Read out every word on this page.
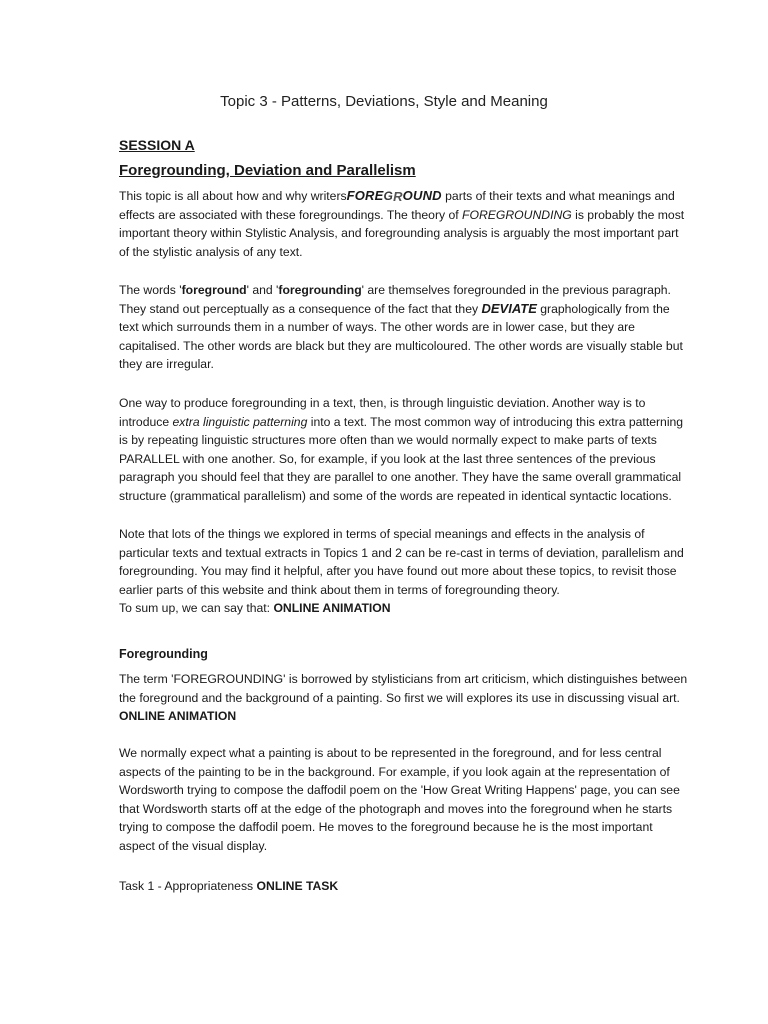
Topic 3 - Patterns, Deviations, Style and Meaning
SESSION A
Foregrounding, Deviation and Parallelism
This topic is all about how and why writersFOREGROUND parts of their texts and what meanings and
effects are associated with these foregroundings. The theory of FOREGROUNDING is probably the most
important theory within Stylistic Analysis, and foregrounding analysis is arguably the most important part
of the stylistic analysis of any text.
The words 'foreground' and 'foregrounding' are themselves foregrounded in the previous paragraph.
They stand out perceptually as a consequence of the fact that they DEVIATE graphologically from the
text which surrounds them in a number of ways. The other words are in lower case, but they are
capitalised. The other words are black but they are multicoloured. The other words are visually stable but
they are irregular.
One way to produce foregrounding in a text, then, is through linguistic deviation. Another way is to
introduce extra linguistic patterning into a text. The most common way of introducing this extra patterning
is by repeating linguistic structures more often than we would normally expect to make parts of texts
PARALLEL with one another. So, for example, if you look at the last three sentences of the previous
paragraph you should feel that they are parallel to one another. They have the same overall grammatical
structure (grammatical parallelism) and some of the words are repeated in identical syntactic locations.
Note that lots of the things we explored in terms of special meanings and effects in the analysis of
particular texts and textual extracts in Topics 1 and 2 can be re-cast in terms of deviation, parallelism and
foregrounding. You may find it helpful, after you have found out more about these topics, to revisit those
earlier parts of this website and think about them in terms of foregrounding theory.
To sum up, we can say that: ONLINE ANIMATION
Foregrounding
The term 'FOREGROUNDING' is borrowed by stylisticians from art criticism, which distinguishes between
the foreground and the background of a painting. So first we will explores its use in discussing visual art.
ONLINE ANIMATION
We normally expect what a painting is about to be represented in the foreground, and for less central
aspects of the painting to be in the background. For example, if you look again at the representation of
Wordsworth trying to compose the daffodil poem on the 'How Great Writing Happens' page, you can see
that Wordsworth starts off at the edge of the photograph and moves into the foreground when he starts
trying to compose the daffodil poem. He moves to the foreground because he is the most important
aspect of the visual display.
Task 1 - Appropriateness ONLINE TASK
